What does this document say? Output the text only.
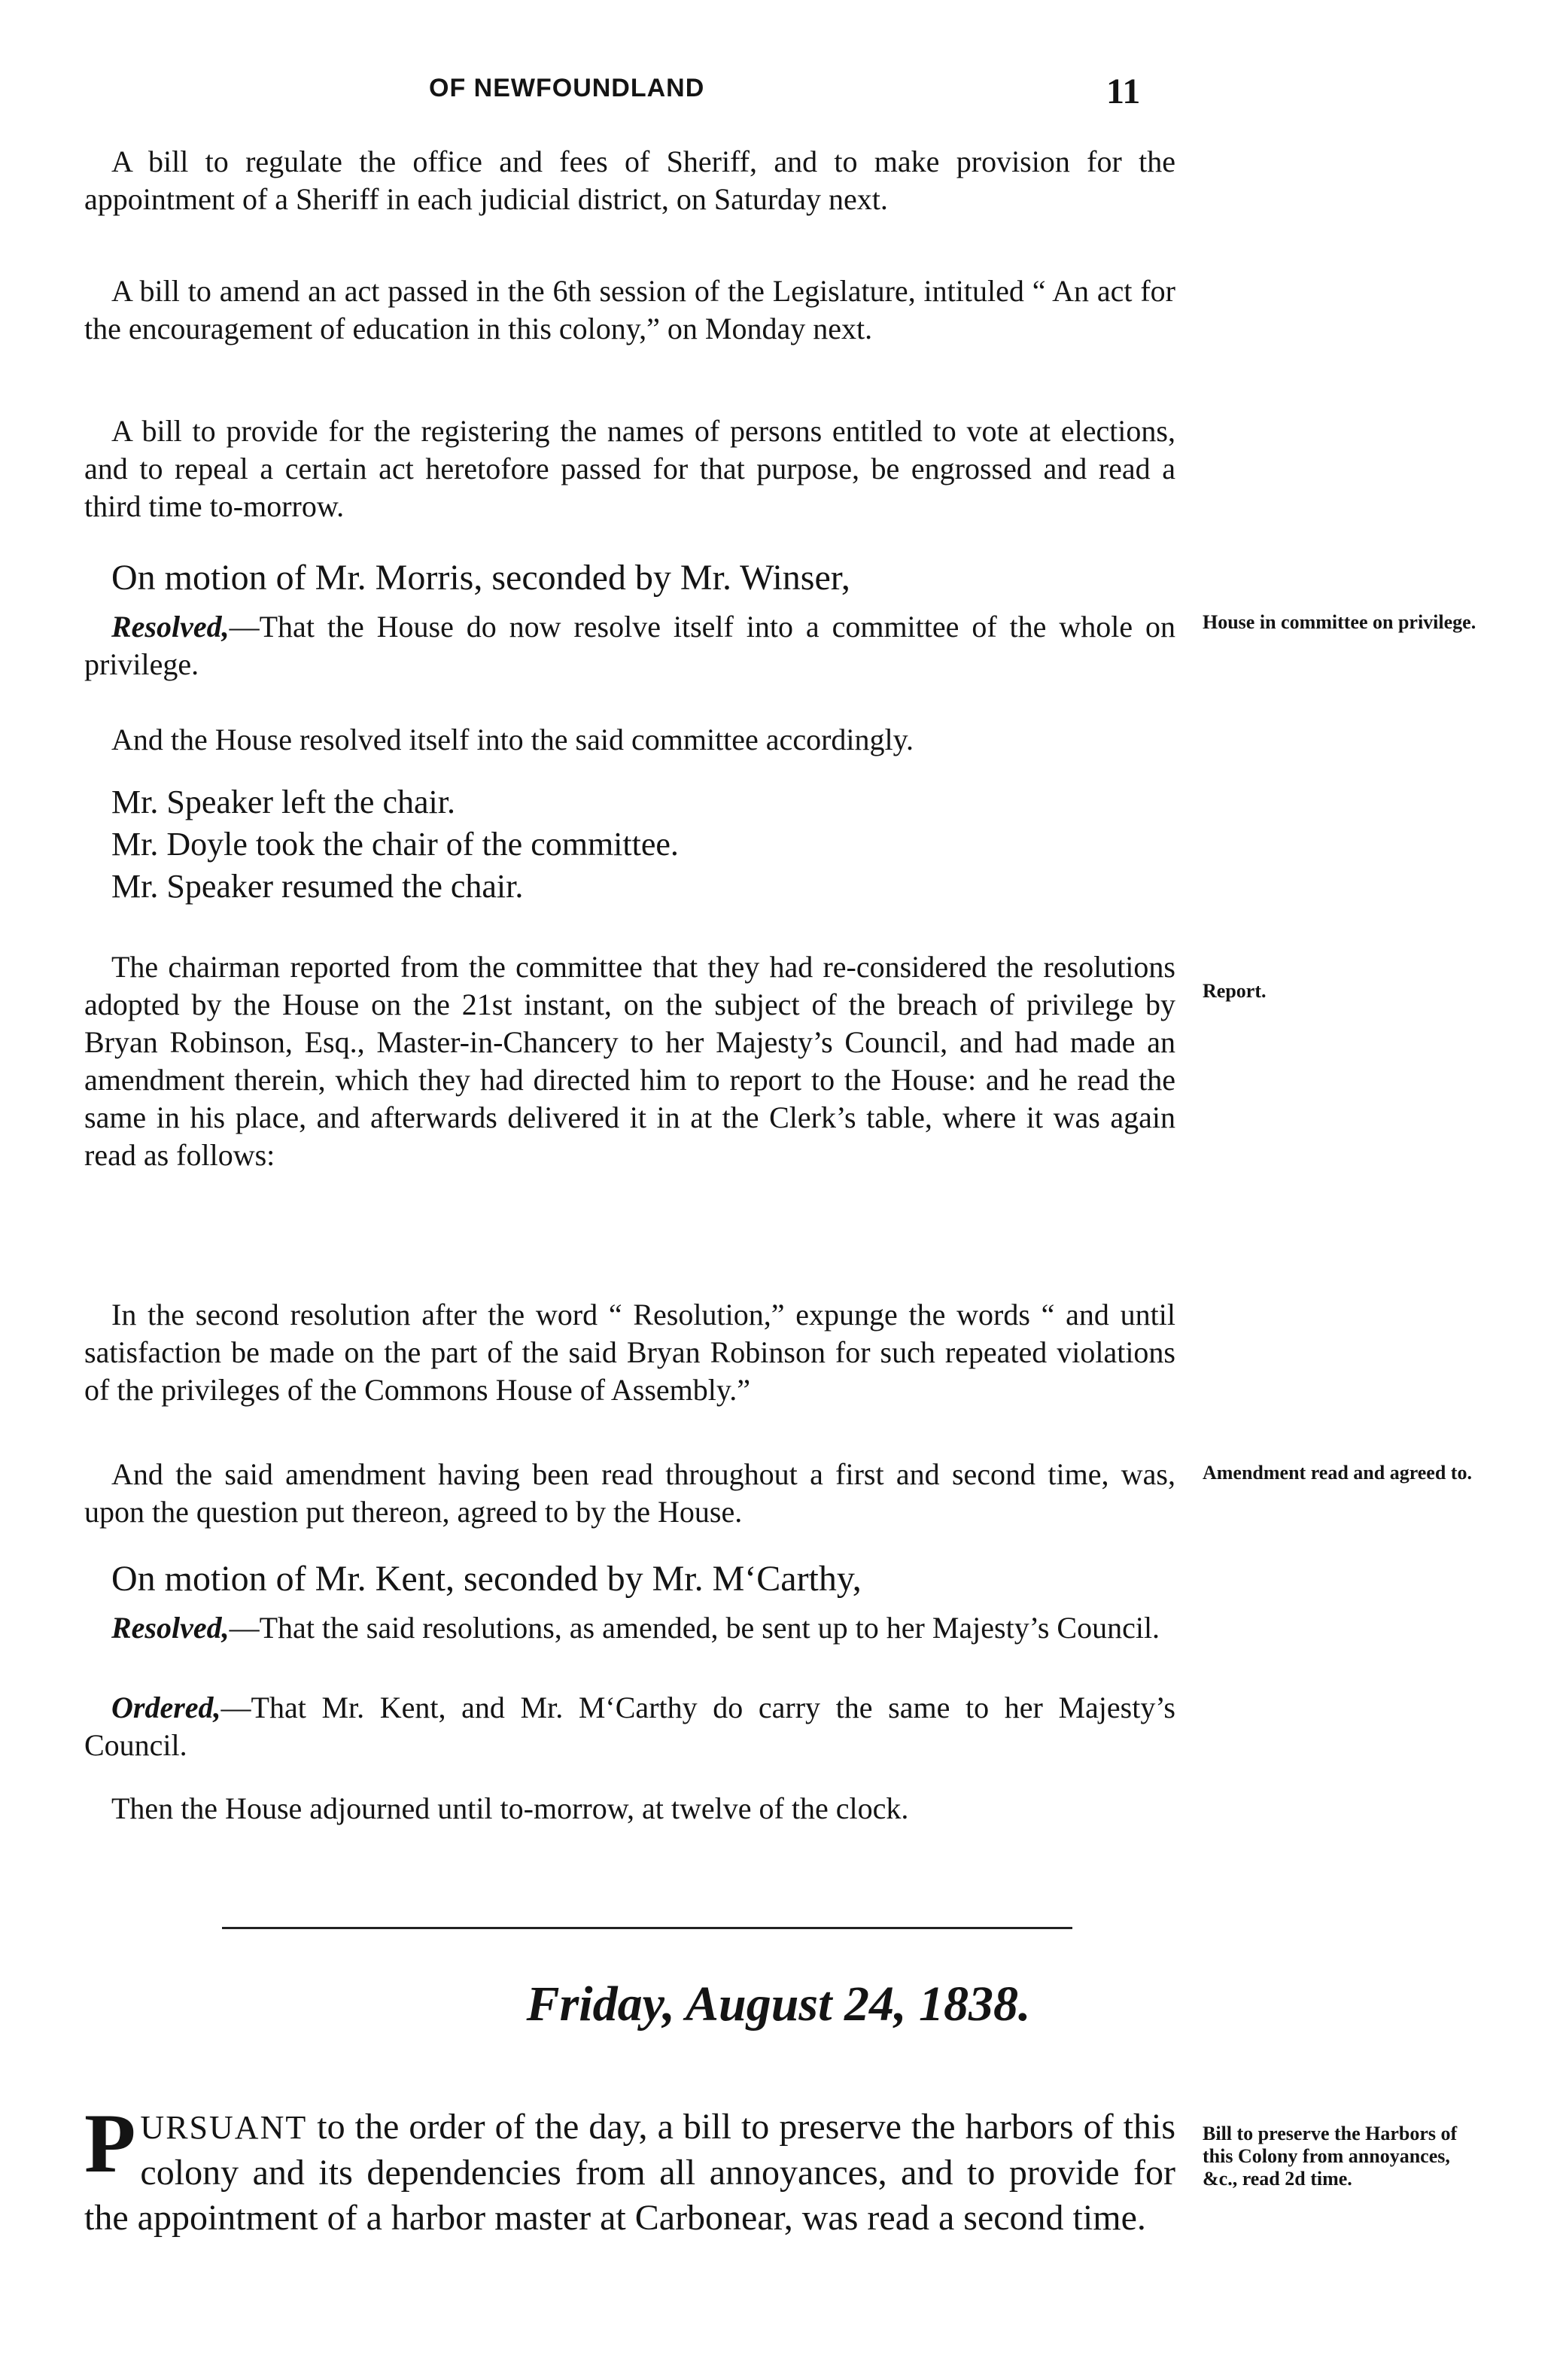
OF NEWFOUNDLAND	11

A bill to regulate the office and fees of Sheriff, and to make provision for the appointment of a Sheriff in each judicial district, on Saturday next.

A bill to amend an act passed in the 6th session of the Legislature, intituled “ An act for the encouragement of education in this colony,” on Monday next.

A bill to provide for the registering the names of persons entitled to vote at elections, and to repeal a certain act heretofore passed for that purpose, be engrossed and read a third time to-morrow.

On motion of Mr. Morris, seconded by Mr. Winser,

Resolved,—That the House do now resolve itself into a committee of the whole on privilege.

House in committee on privilege.

And the House resolved itself into the said committee accordingly.

Mr. Speaker left the chair.

Mr. Doyle took the chair of the committee.

Mr. Speaker resumed the chair.

The chairman reported from the committee that they had re-considered the resolutions adopted by the House on the 21st instant, on the subject of the breach of privilege by Bryan Robinson, Esq., Master-in-Chancery to her Majesty’s Council, and had made an amendment therein, which they had directed him to report to the House: and he read the same in his place, and afterwards delivered it in at the Clerk’s table, where it was again read as follows:

Report.

In the second resolution after the word “ Resolution,” expunge the words “ and until satisfaction be made on the part of the said Bryan Robinson for such repeated violations of the privileges of the Commons House of Assembly.”

And the said amendment having been read throughout a first and second time, was, upon the question put thereon, agreed to by the House.

Amendment read and agreed to.

On motion of Mr. Kent, seconded by Mr. M‘Carthy,

Resolved,—That the said resolutions, as amended, be sent up to her Majesty’s Council.

Ordered,—That Mr. Kent, and Mr. M‘Carthy do carry the same to her Majesty’s Council.

Then the House adjourned until to-morrow, at twelve of the clock.

Friday, August 24, 1838.

PURSUANT to the order of the day, a bill to preserve the harbors of this colony and its dependencies from all annoyances, and to provide for the appointment of a harbor master at Carbonear, was read a second time.

Bill to preserve the Harbors of this Colony from annoyances, &c., read 2d time.
